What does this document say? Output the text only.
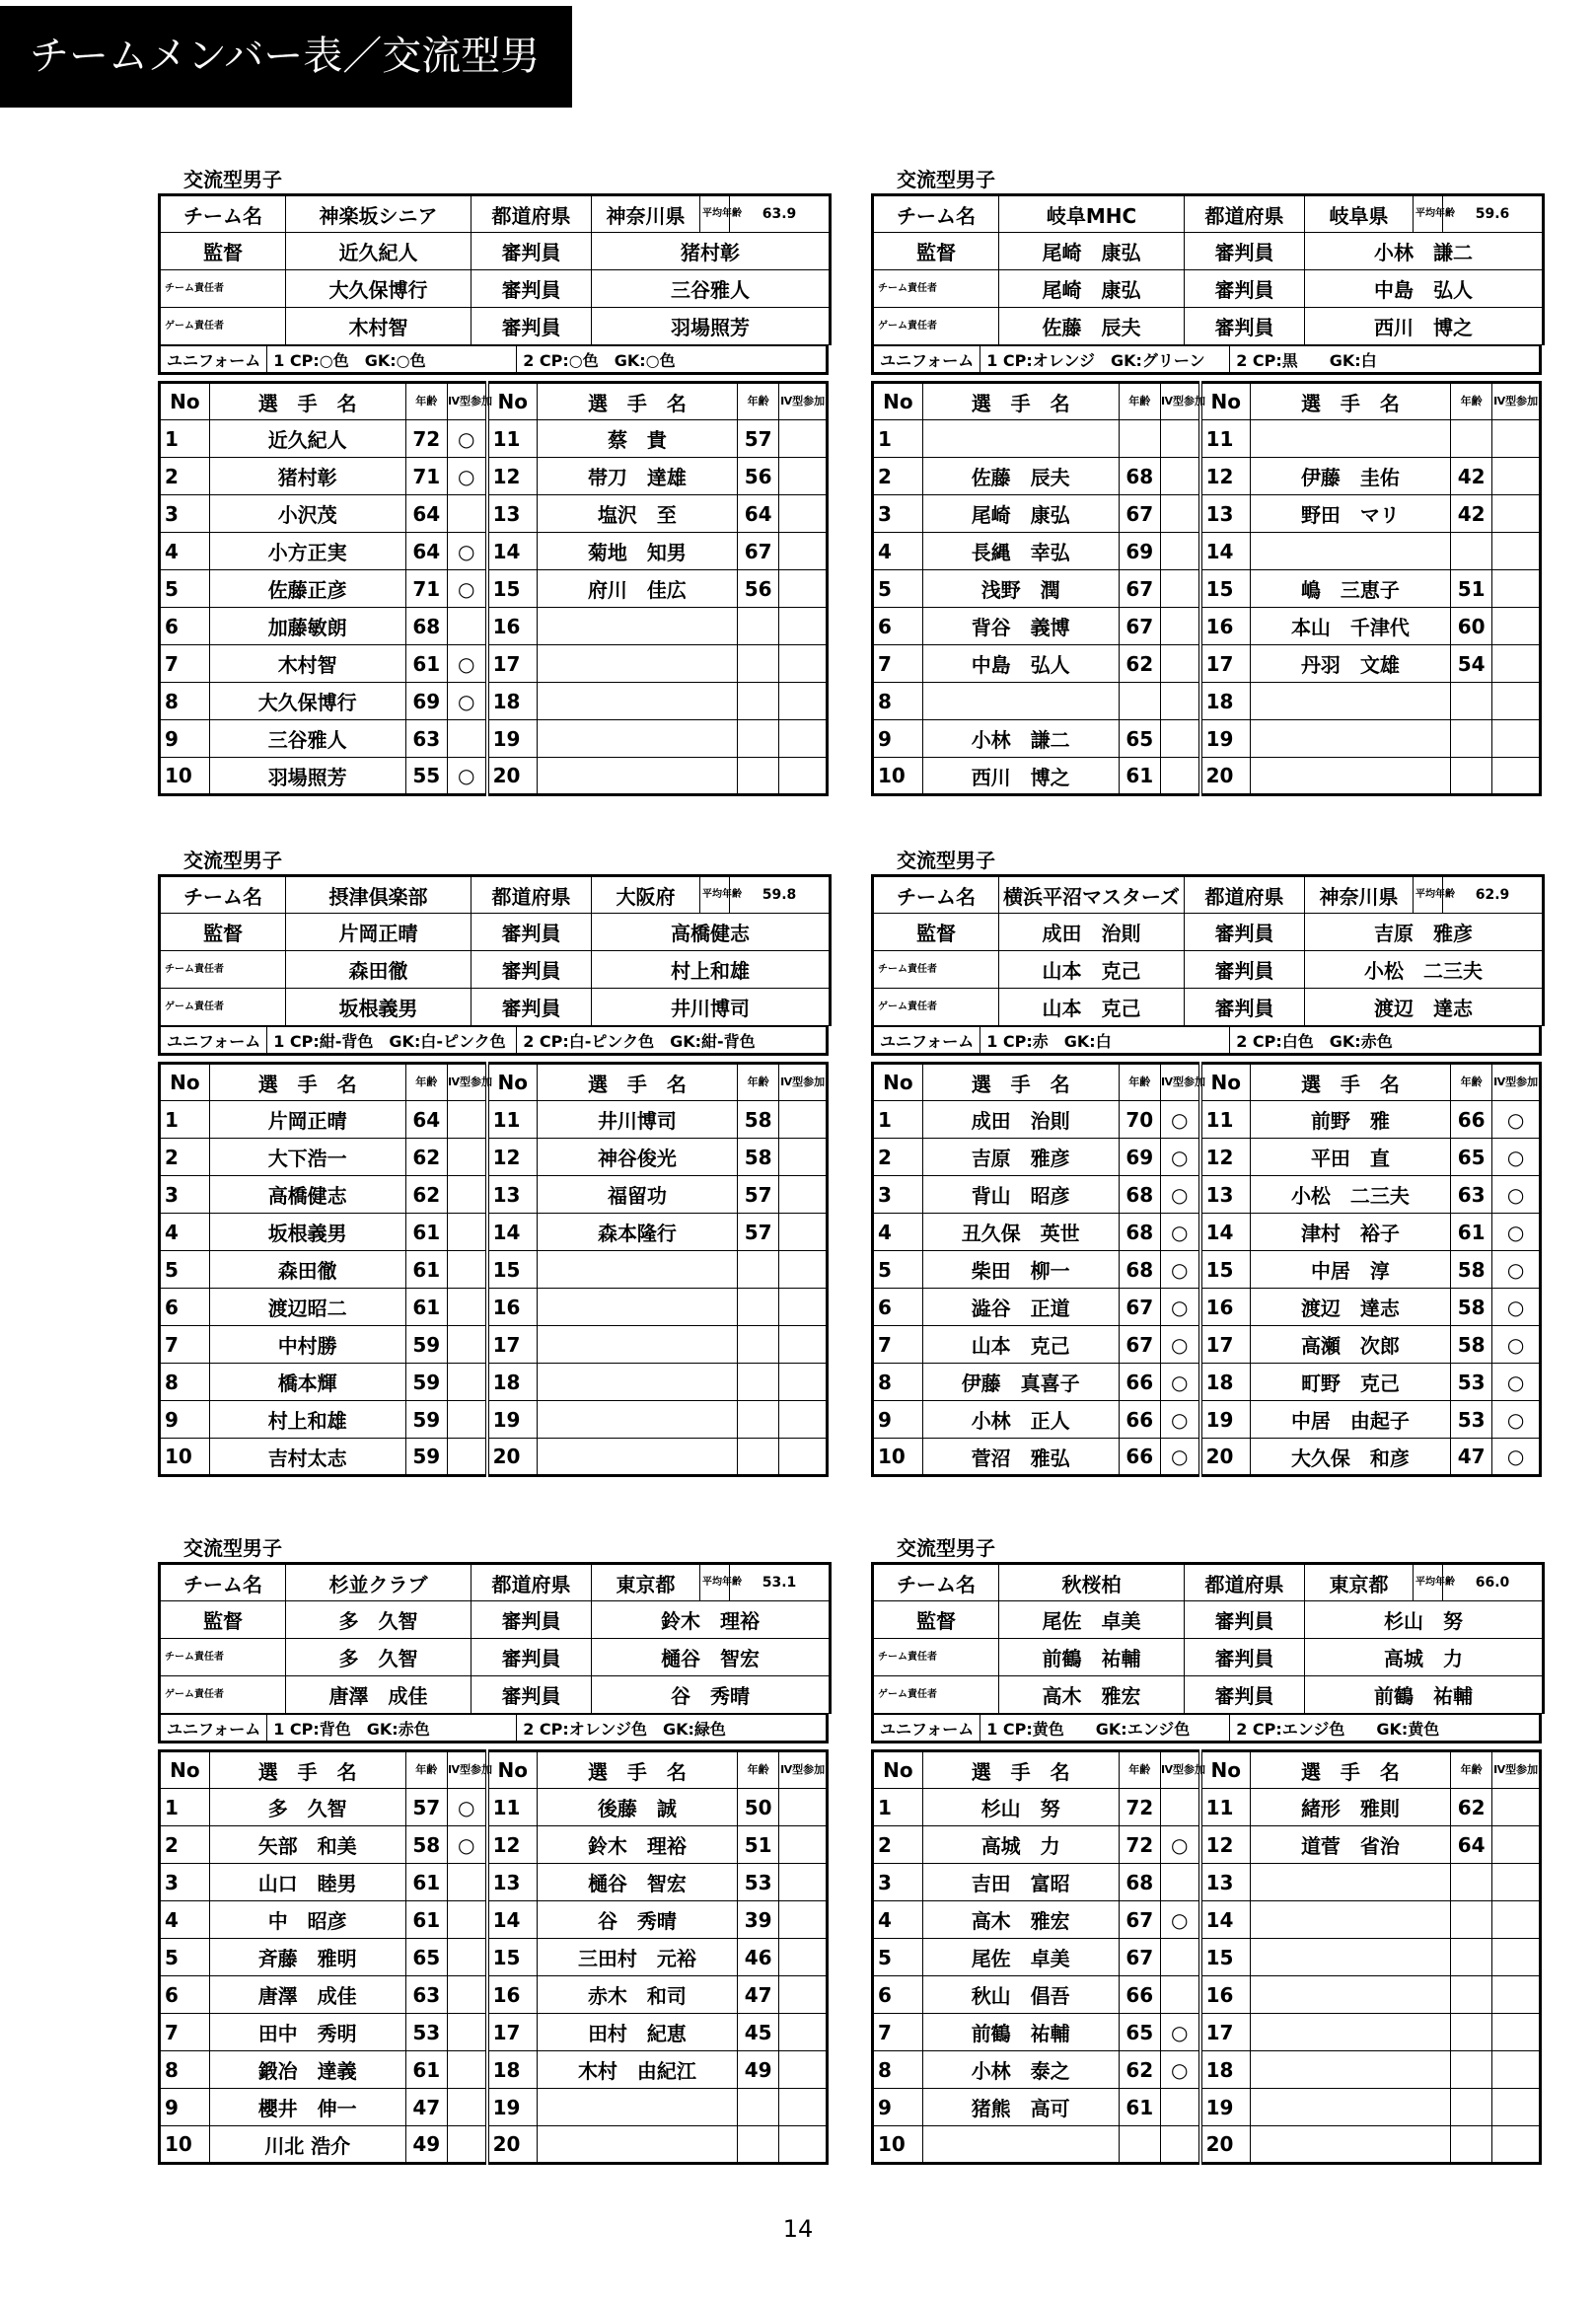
チームメンバー表／交流型男子	交流型男子
チーム名	神楽坂シニア	都道府県	神奈川県	平均年齢	63.9
監督	近久紀人	審判員	猪村彰		
チーム責任者	大久保博行	審判員	三谷雅人		
ゲーム責任者	木村智	審判員	羽場照芳		
ユニフォーム 1 CP:○色　GK:○色	2 CP:○色　GK:○色
No	選　手　名	年齢	Ⅳ型参加	No	選　手　名	年齢	Ⅳ型参加
1	近久紀人	72	○	11	蔡　貴	57	
2	猪村彰	71	○	12	帯刀　達雄	56	
3	小沢茂	64		13	塩沢　至	64	
4	小方正実	64	○	14	菊地　知男	67	
5	佐藤正彦	71	○	15	府川　佳広	56	
6	加藤敏朗	68		16			
7	木村智	61	○	17			
8	大久保博行	69	○	18			
9	三谷雅人	63		19			
10	羽場照芳	55	○	20			
交流型男子
チーム名	岐阜MHC	都道府県	岐阜県	平均年齢	59.6
監督	尾崎　康弘	審判員	小林　謙二		
チーム責任者	尾崎　康弘	審判員	中島　弘人		
ゲーム責任者	佐藤　辰夫	審判員	西川　博之		
ユニフォーム 1 CP:オレンジ　GK:グリーン	2 CP:黒　　GK:白
No	選　手　名	年齢	Ⅳ型参加	No	選　手　名	年齢	Ⅳ型参加
1				11			
2	佐藤　辰夫	68		12	伊藤　圭佑	42	
3	尾崎　康弘	67		13	野田　マリ	42	
4	長縄　幸弘	69		14			
5	浅野　潤	67		15	嶋　三恵子	51	
6	背谷　義博	67		16	本山　千津代	60	
7	中島　弘人	62		17	丹羽　文雄	54	
8				18			
9	小林　謙二	65		19			
10	西川　博之	61		20			
交流型男子
チーム名	摂津倶楽部	都道府県	大阪府	平均年齢	59.8
監督	片岡正晴	審判員	高橋健志		
チーム責任者	森田徹	審判員	村上和雄		
ゲーム責任者	坂根義男	審判員	井川博司		
ユニフォーム 1 CP:紺-背色　GK:白-ピンク色	2 CP:白-ピンク色　GK:紺-背色
No	選　手　名	年齢	Ⅳ型参加	No	選　手　名	年齢	Ⅳ型参加
1	片岡正晴	64		11	井川博司	58	
2	大下浩一	62		12	神谷俊光	58	
3	高橋健志	62		13	福留功	57	
4	坂根義男	61		14	森本隆行	57	
5	森田徹	61		15			
6	渡辺昭二	61		16			
7	中村勝	59		17			
8	橋本輝	59		18			
9	村上和雄	59		19			
10	吉村太志	59		20			
交流型男子
チーム名	横浜平沼マスターズ	都道府県	神奈川県	平均年齢	62.9
監督	成田　治則	審判員	吉原　雅彦		
チーム責任者	山本　克己	審判員	小松　二三夫		
ゲーム責任者	山本　克己	審判員	渡辺　達志		
ユニフォーム 1 CP:赤　GK:白	2 CP:白色　GK:赤色
No	選　手　名	年齢	Ⅳ型参加	No	選　手　名	年齢	Ⅳ型参加
1	成田　治則	70	○	11	前野　雅	66	○
2	吉原　雅彦	69	○	12	平田　直	65	○
3	背山　昭彦	68	○	13	小松　二三夫	63	○
4	丑久保　英世	68	○	14	津村　裕子	61	○
5	柴田　柳一	68	○	15	中居　淳	58	○
6	澁谷　正道	67	○	16	渡辺　達志	58	○
7	山本　克己	67	○	17	高瀬　次郎	58	○
8	伊藤　真喜子	66	○	18	町野　克己	53	○
9	小林　正人	66	○	19	中居　由起子	53	○
10	菅沼　雅弘	66	○	20	大久保　和彦	47	○
交流型男子
チーム名	杉並クラブ	都道府県	東京都	平均年齢	53.1
監督	多　久智	審判員	鈴木　理裕		
チーム責任者	多　久智	審判員	樋谷　智宏		
ゲーム責任者	唐澤　成佳	審判員	谷　秀晴		
ユニフォーム 1 CP:背色　GK:赤色	2 CP:オレンジ色　GK:緑色
No	選　手　名	年齢	Ⅳ型参加	No	選　手　名	年齢	Ⅳ型参加
1	多　久智	57	○	11	後藤　誠	50	
2	矢部　和美	58	○	12	鈴木　理裕	51	
3	山口　睦男	61		13	樋谷　智宏	53	
4	中　昭彦	61		14	谷　秀晴	39	
5	斉藤　雅明	65		15	三田村　元裕	46	
6	唐澤　成佳	63		16	赤木　和司	47	
7	田中　秀明	53		17	田村　紀恵	45	
8	鍛冶　達義	61		18	木村　由紀江	49	
9	櫻井　伸一	47		19			
10	川北 浩介	49		20			
交流型男子
チーム名	秋桜柏	都道府県	東京都	平均年齢	66.0
監督	尾佐　卓美	審判員	杉山　努		
チーム責任者	前鶴　祐輔	審判員	高城　力		
ゲーム責任者	高木　雅宏	審判員	前鶴　祐輔		
ユニフォーム 1 CP:黄色　　GK:エンジ色	2 CP:エンジ色　　GK:黄色
No	選　手　名	年齢	Ⅳ型参加	No	選　手　名	年齢	Ⅳ型参加
1	杉山　努	72		11	緒形　雅則	62	
2	高城　力	72	○	12	道菅　省治	64	
3	吉田　富昭	68		13			
4	高木　雅宏	67	○	14			
5	尾佐　卓美	67		15			
6	秋山　倡吾	66		16			
7	前鶴　祐輔	65	○	17			
8	小林　泰之	62	○	18			
9	猪熊　高可	61		19			
10				20			
14
